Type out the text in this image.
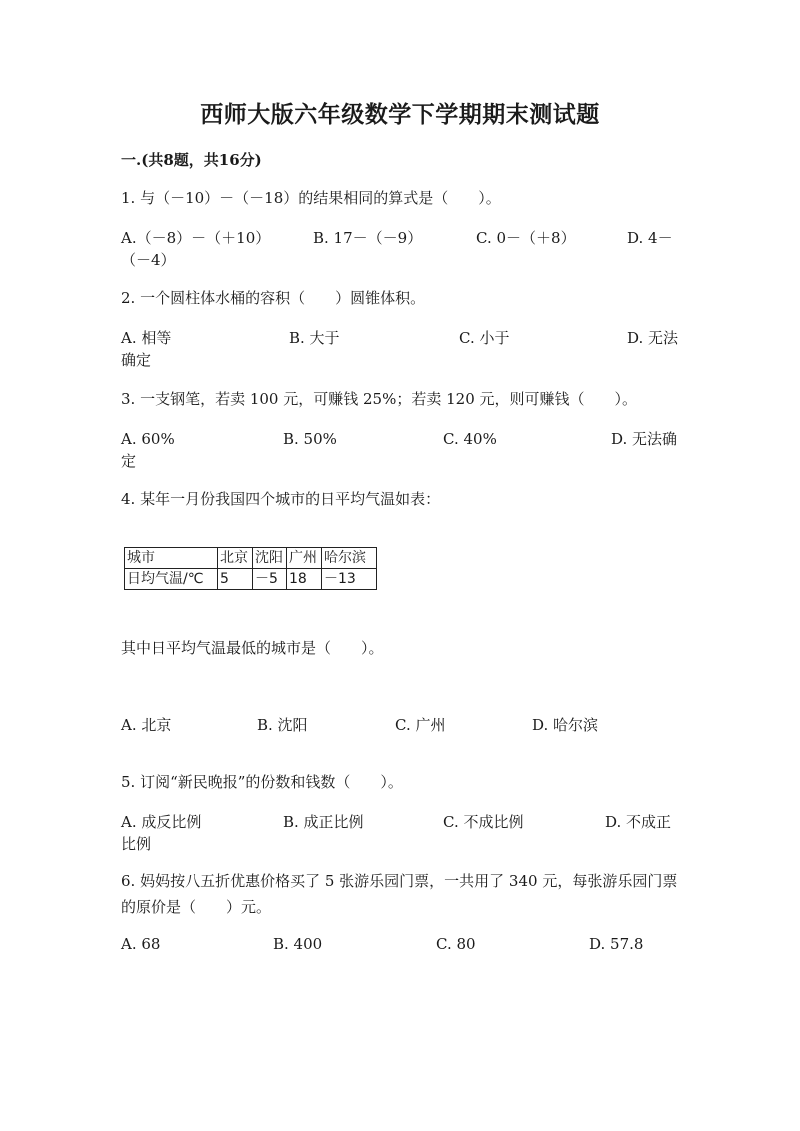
西师大版六年级数学下学期期末测试题
一.(共8题，共16分)
1. 与（－10）－（－18）的结果相同的算式是（　　）。
A.（－8）－（＋10）	B. 17－（－9）	C. 0－（＋8）	D. 4－
（－4）
2. 一个圆柱体水桶的容积（　　）圆锥体积。
A. 相等	B. 大于	C. 小于	D. 无法
确定
3. 一支钢笔，若卖 100 元，可赚钱 25%；若卖 120 元，则可赚钱（　　）。
A. 60%	B. 50%	C. 40%	D. 无法确
定
4. 某年一月份我国四个城市的日平均气温如表：
城市	北京	沈阳	广州	哈尔滨
日均气温/℃	5	－5	18	－13
其中日平均气温最低的城市是（　　）。
A. 北京	B. 沈阳	C. 广州	D. 哈尔滨
5. 订阅“新民晚报”的份数和钱数（　　）。
A. 成反比例	B. 成正比例	C. 不成比例	D. 不成正
比例
6. 妈妈按八五折优惠价格买了 5 张游乐园门票，一共用了 340 元，每张游乐园门票的原价是（　　）元。
A. 68	B. 400	C. 80	D. 57.8
